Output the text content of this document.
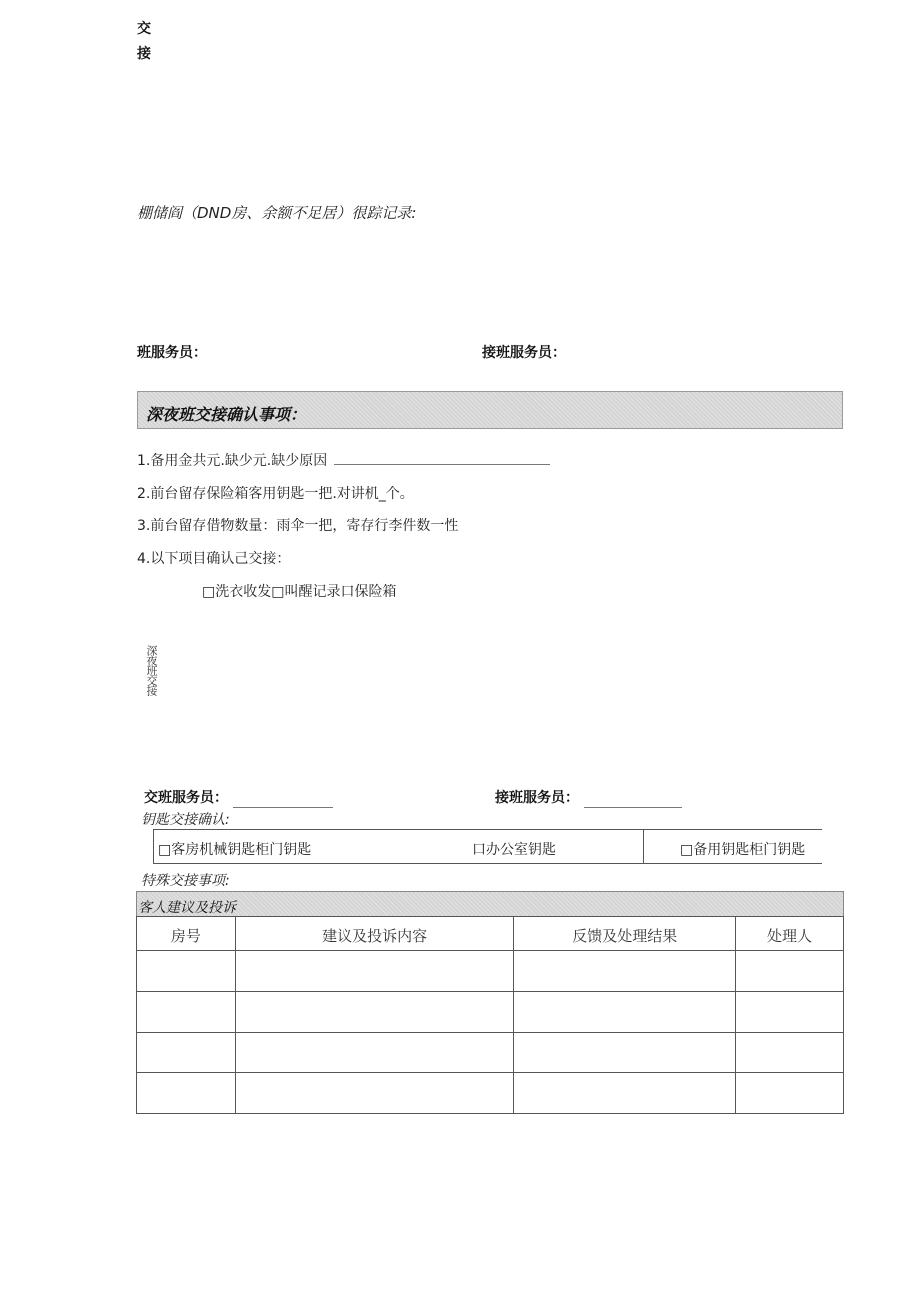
交
接
棚储阎（DND房、余额不足居）很踪记录:
班服务员：	接班服务员：
深夜班交接确认事项：
1.备用金共元.缺少元.缺少原因
2.前台留存保险箱客用钥匙一把.对讲机_个。
3.前台留存借物数量：雨伞一把，寄存行李件数一性
4.以下项目确认己交接：
□洗衣收发□叫醒记录口保险箱
深夜班交接
交班服务员：	接班服务员：
钥匙交接确认:
□客房机械钥匙柜门钥匙	口办公室钥匙	□备用钥匙柜门钥匙
特殊交接事项:
客人建议及投诉
房号	建议及投诉内容	反馈及处理结果	处理人
